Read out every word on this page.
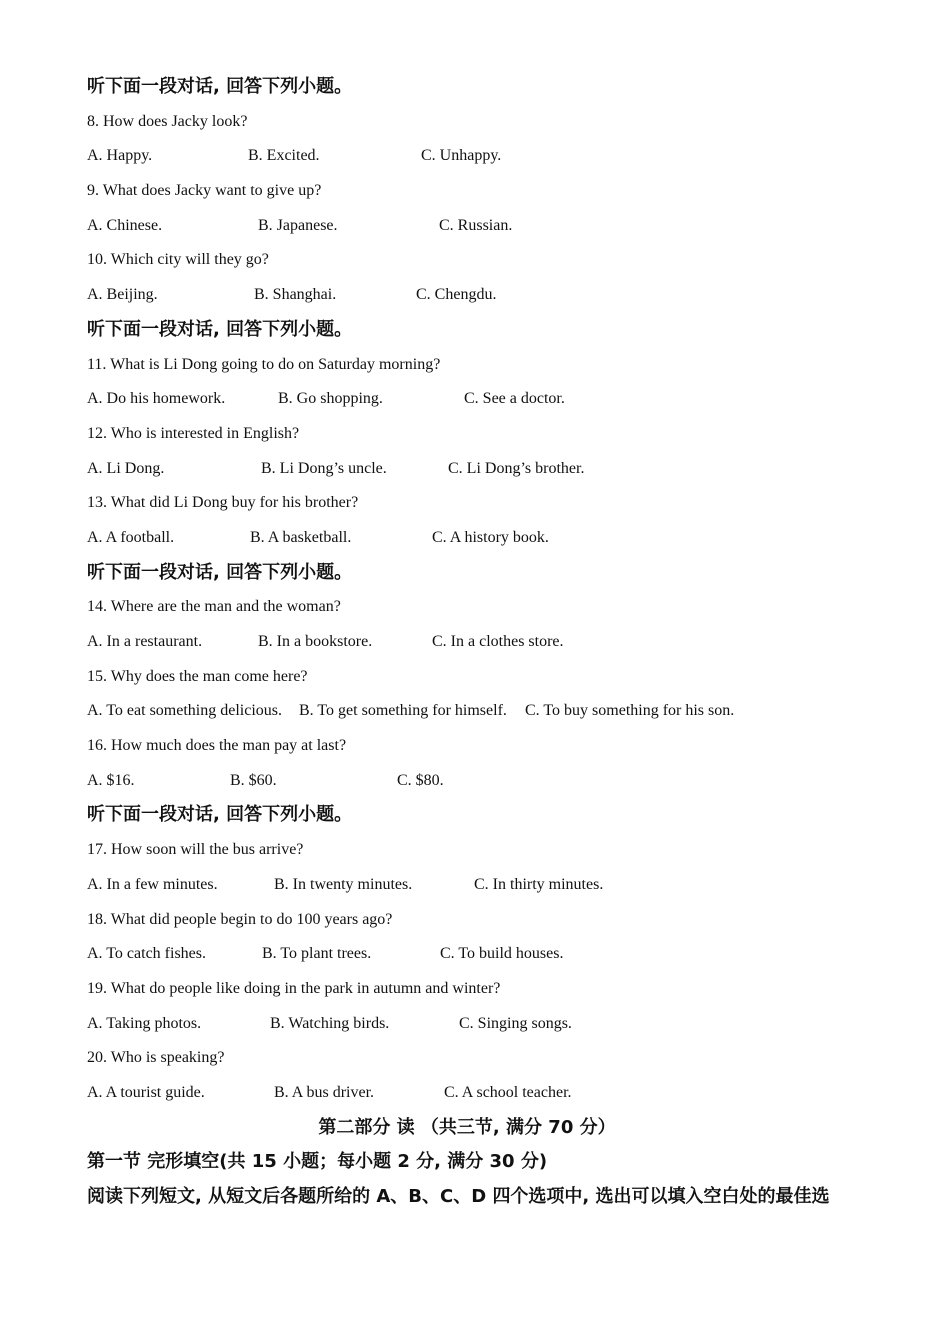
听下面一段对话, 回答下列小题。
8. How does Jacky look?
A. Happy.	B. Excited.	C. Unhappy.
9. What does Jacky want to give up?
A. Chinese.	B. Japanese.	C. Russian.
10. Which city will they go?
A. Beijing.	B. Shanghai.	C. Chengdu.
听下面一段对话, 回答下列小题。
11. What is Li Dong going to do on Saturday morning?
A. Do his homework.	B. Go shopping.	C. See a doctor.
12. Who is interested in English?
A. Li Dong.	B. Li Dong’s uncle.	C. Li Dong’s brother.
13. What did Li Dong buy for his brother?
A. A football.	B. A basketball.	C. A history book.
听下面一段对话, 回答下列小题。
14. Where are the man and the woman?
A. In a restaurant.	B. In a bookstore.	C. In a clothes store.
15. Why does the man come here?
A. To eat something delicious. B. To get something for himself. C. To buy something for his son.
16. How much does the man pay at last?
A. $16.	B. $60.	C. $80.
听下面一段对话, 回答下列小题。
17. How soon will the bus arrive?
A. In a few minutes.	B. In twenty minutes.	C. In thirty minutes.
18. What did people begin to do 100 years ago?
A. To catch fishes.	B. To plant trees.	C. To build houses.
19. What do people like doing in the park in autumn and winter?
A. Taking photos.	B. Watching birds.	C. Singing songs.
20. Who is speaking?
A. A tourist guide.	B. A bus driver.	C. A school teacher.
第二部分 读 （共三节, 满分 70 分）
第一节 完形填空(共 15 小题；每小题 2 分, 满分 30 分)
阅读下列短文, 从短文后各题所给的 A、B、C、D 四个选项中, 选出可以填入空白处的最佳选
